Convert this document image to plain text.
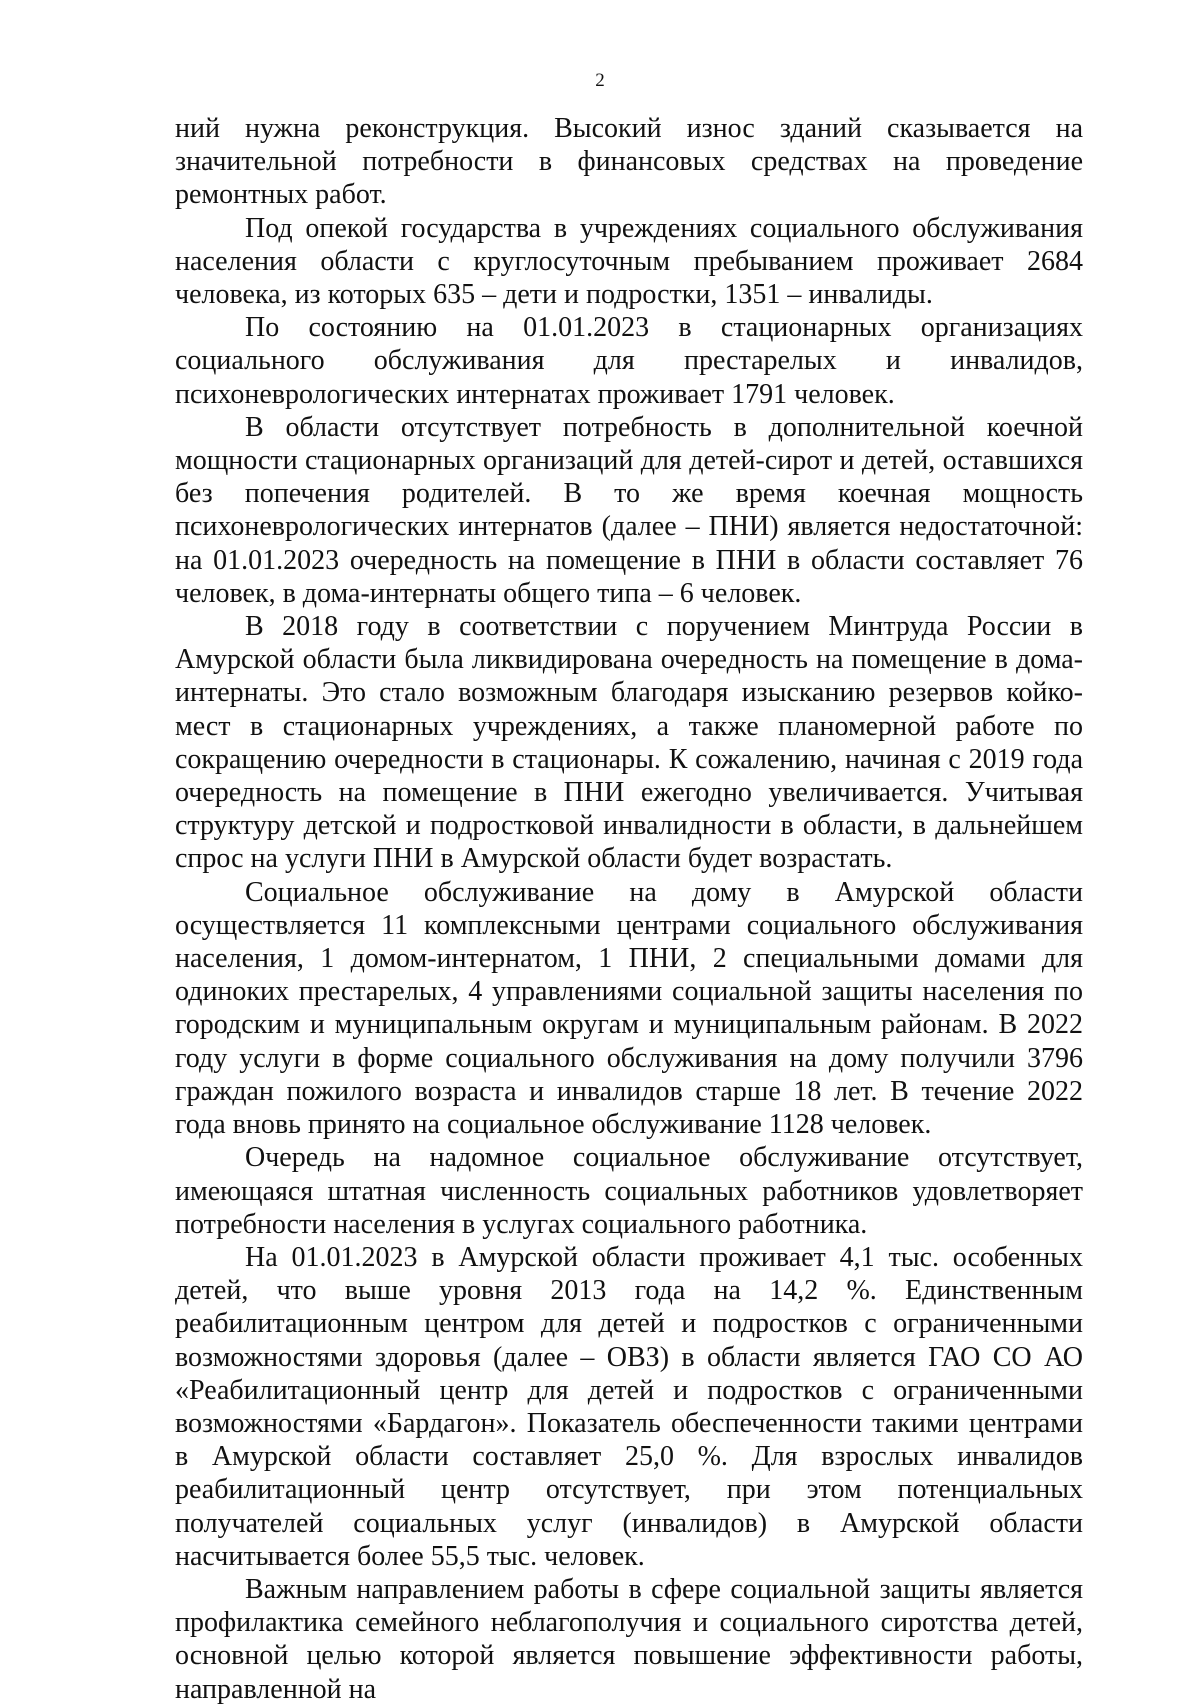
2

ний нужна реконструкция. Высокий износ зданий сказывается на значительной потребности в финансовых средствах на проведение ремонтных работ.

Под опекой государства в учреждениях социального обслуживания населения области с круглосуточным пребыванием проживает 2684 человека, из которых 635 – дети и подростки, 1351 – инвалиды.

По состоянию на 01.01.2023 в стационарных организациях социального обслуживания для престарелых и инвалидов, психоневрологических интернатах проживает 1791 человек.

В области отсутствует потребность в дополнительной коечной мощности стационарных организаций для детей-сирот и детей, оставшихся без попечения родителей. В то же время коечная мощность психоневрологических интернатов (далее – ПНИ) является недостаточной: на 01.01.2023 очередность на помещение в ПНИ в области составляет 76 человек, в дома-интернаты общего типа – 6 человек.

В 2018 году в соответствии с поручением Минтруда России в Амурской области была ликвидирована очередность на помещение в дома-интернаты. Это стало возможным благодаря изысканию резервов койко-мест в стационарных учреждениях, а также планомерной работе по сокращению очередности в стационары. К сожалению, начиная с 2019 года очередность на помещение в ПНИ ежегодно увеличивается. Учитывая структуру детской и подростковой инвалидности в области, в дальнейшем спрос на услуги ПНИ в Амурской области будет возрастать.

Социальное обслуживание на дому в Амурской области осуществляется 11 комплексными центрами социального обслуживания населения, 1 домом-интернатом, 1 ПНИ, 2 специальными домами для одиноких престарелых, 4 управлениями социальной защиты населения по городским и муниципальным округам и муниципальным районам. В 2022 году услуги в форме социального обслуживания на дому получили 3796 граждан пожилого возраста и инвалидов старше 18 лет. В течение 2022 года вновь принято на социальное обслуживание 1128 человек.

Очередь на надомное социальное обслуживание отсутствует, имеющаяся штатная численность социальных работников удовлетворяет потребности населения в услугах социального работника.

На 01.01.2023 в Амурской области проживает 4,1 тыс. особенных детей, что выше уровня 2013 года на 14,2 %. Единственным реабилитационным центром для детей и подростков с ограниченными возможностями здоровья (далее – ОВЗ) в области является ГАО СО АО «Реабилитационный центр для детей и подростков с ограниченными возможностями «Бардагон». Показатель обеспеченности такими центрами в Амурской области составляет 25,0 %. Для взрослых инвалидов реабилитационный центр отсутствует, при этом потенциальных получателей социальных услуг (инвалидов) в Амурской области насчитывается более 55,5 тыс. человек.

Важным направлением работы в сфере социальной защиты является профилактика семейного неблагополучия и социального сиротства детей, основной целью которой является повышение эффективности работы, направленной на
